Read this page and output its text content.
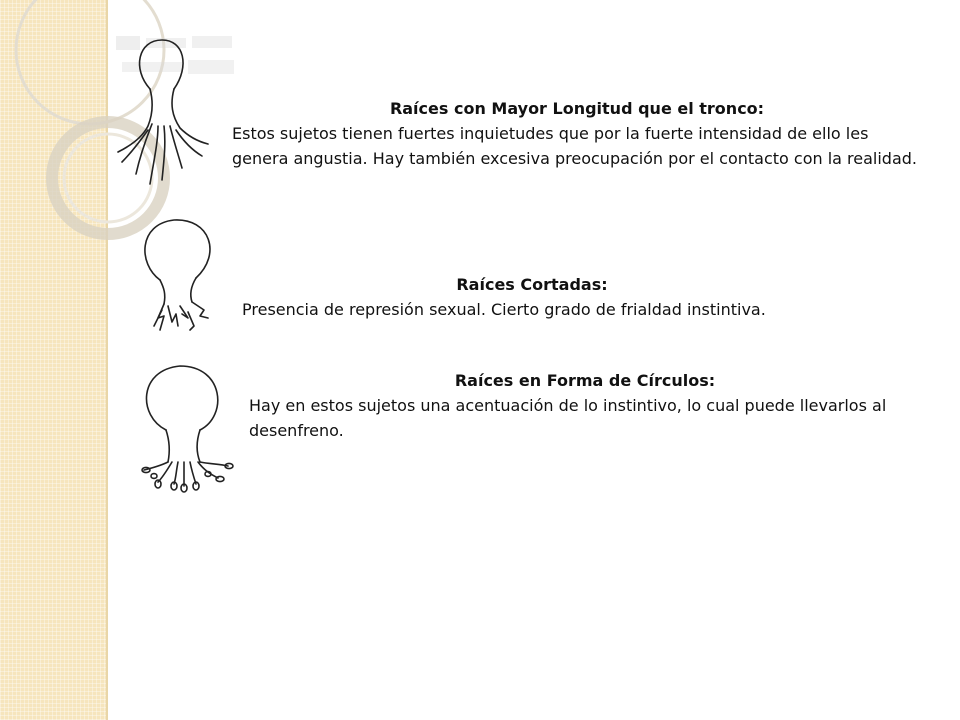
Raíces con Mayor Longitud que el tronco:

Estos sujetos tienen fuertes inquietudes que por la fuerte intensidad de ello les genera angustia. Hay también excesiva preocupación por el contacto con la realidad.

Raíces Cortadas:

Presencia de represión sexual. Cierto grado de frialdad instintiva.

Raíces en Forma de Círculos:

Hay en estos sujetos una acentuación de lo instintivo, lo cual puede llevarlos al desenfreno.
